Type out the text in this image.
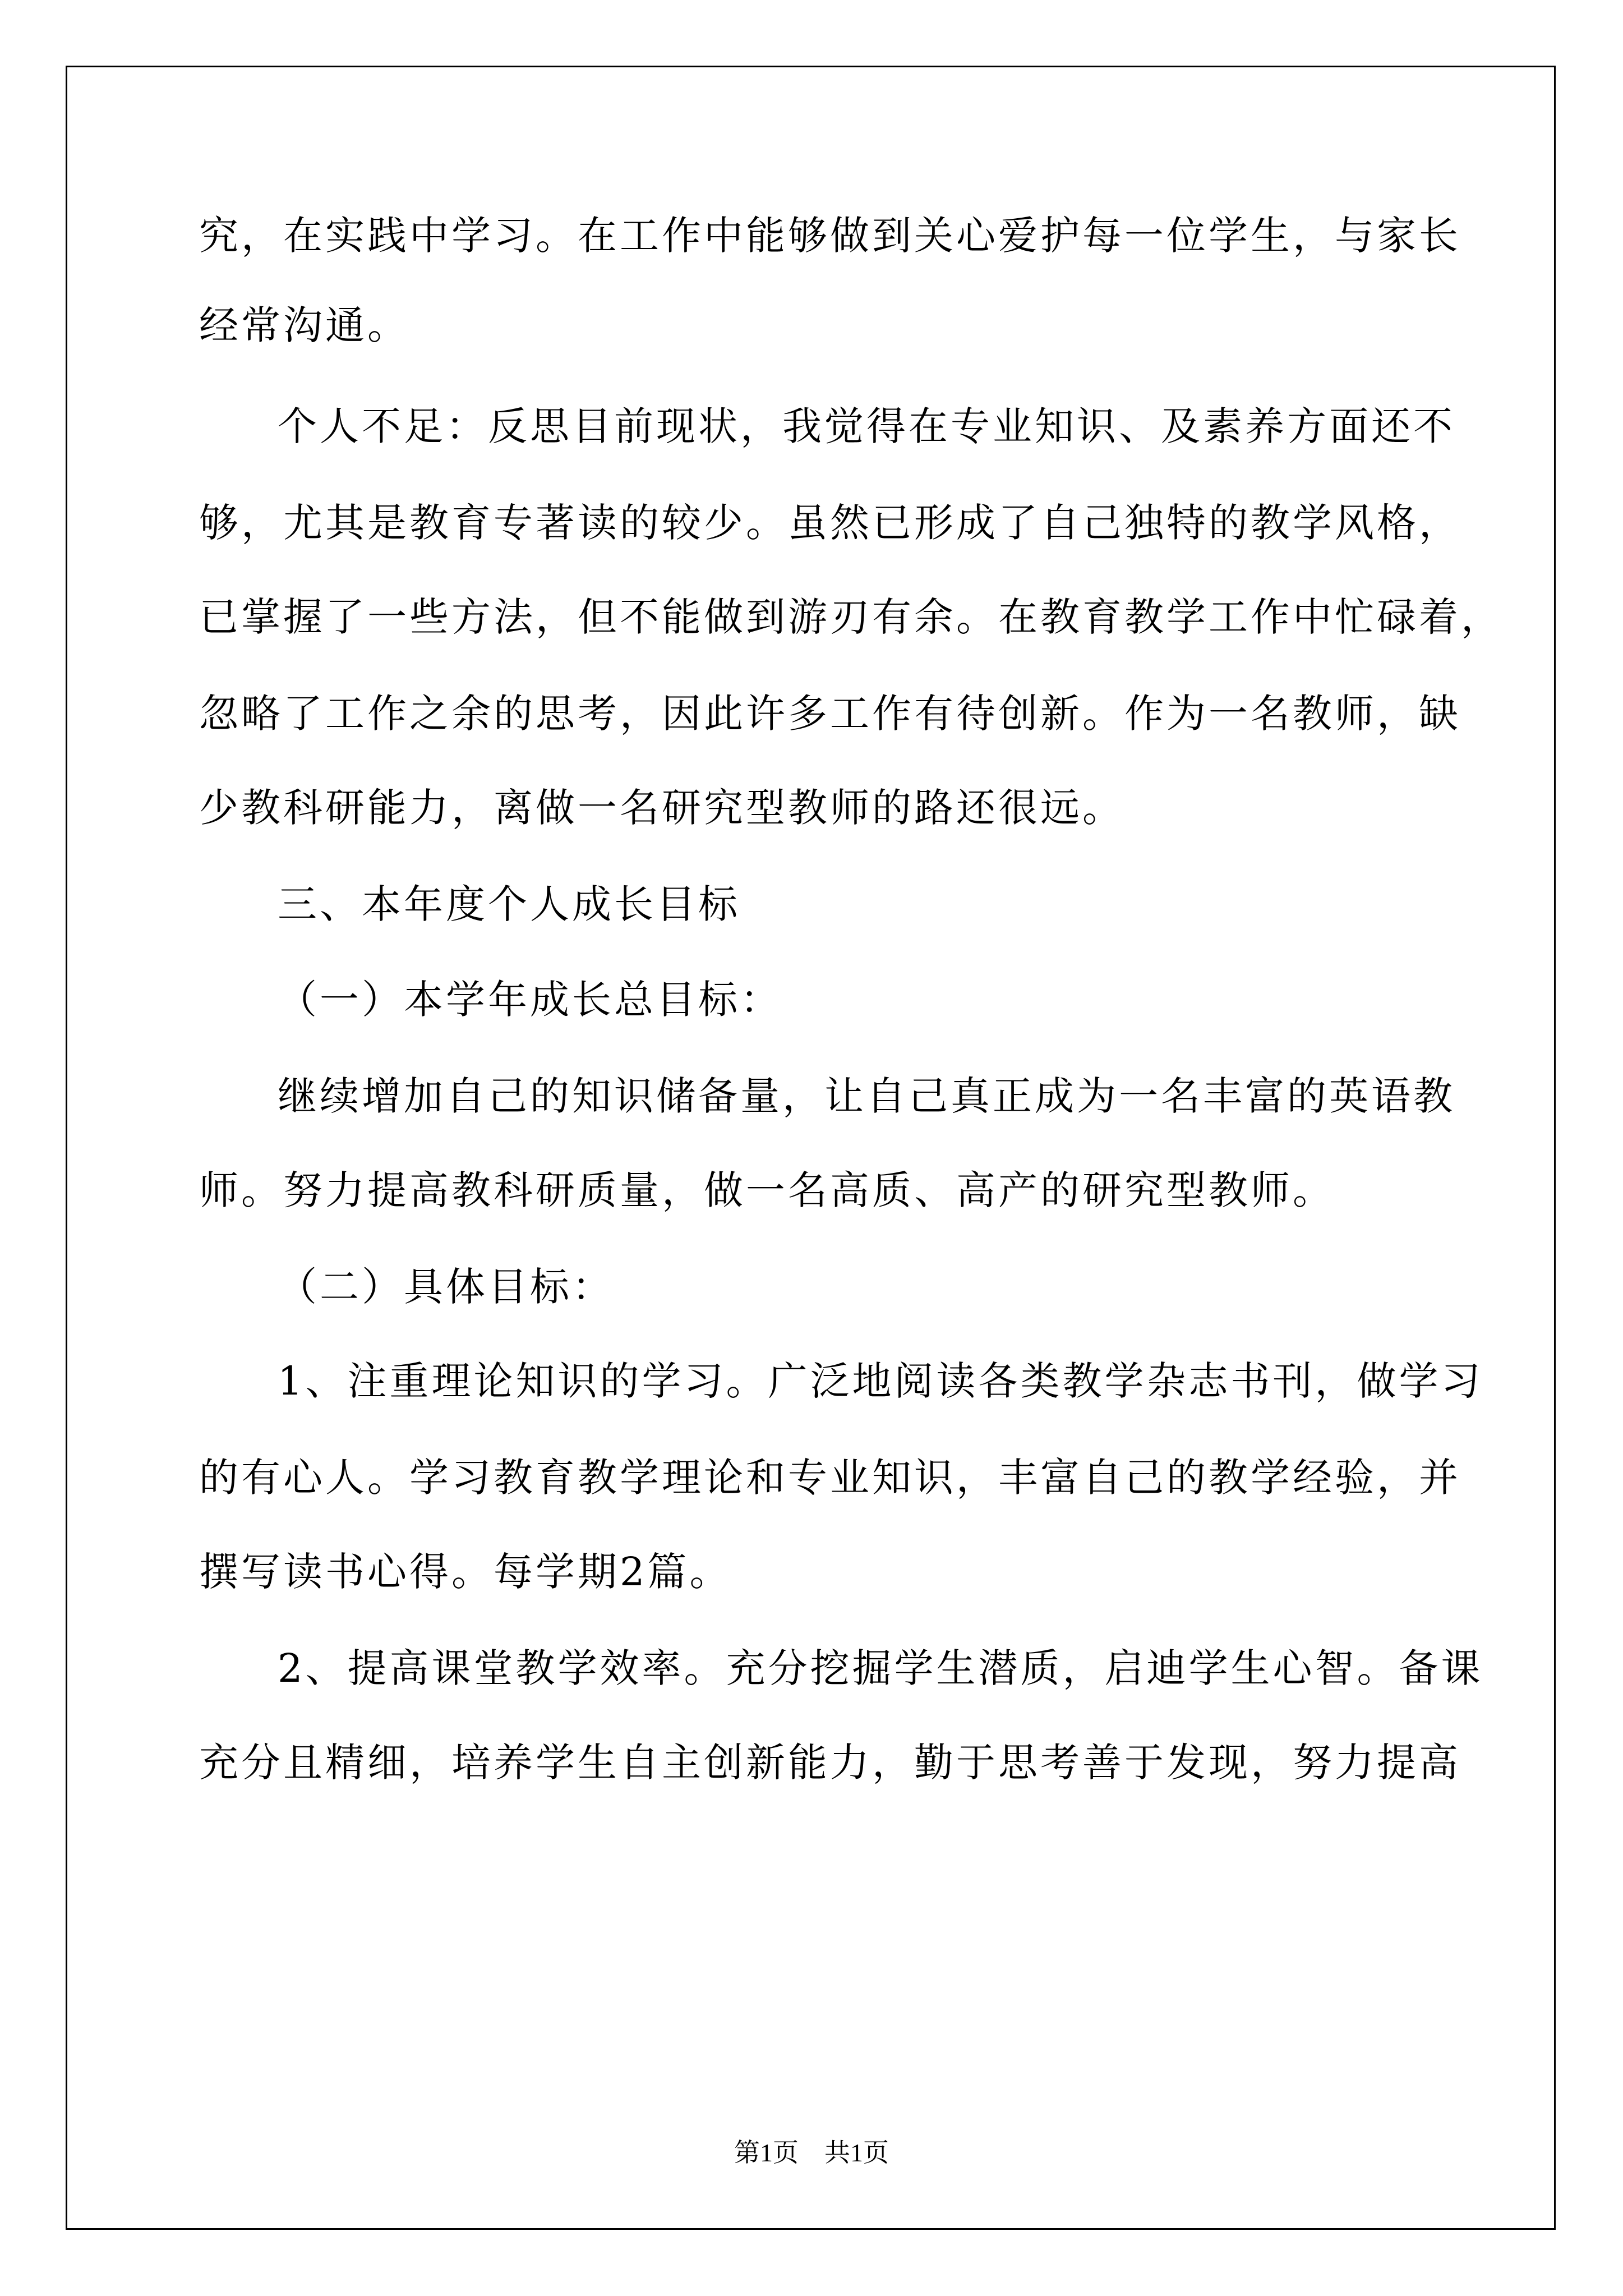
究，在实践中学习。在工作中能够做到关心爱护每一位学生，与家长
经常沟通。
个人不足：反思目前现状，我觉得在专业知识、及素养方面还不
够，尤其是教育专著读的较少。虽然已形成了自己独特的教学风格，
已掌握了一些方法，但不能做到游刃有余。在教育教学工作中忙碌着，
忽略了工作之余的思考，因此许多工作有待创新。作为一名教师，缺
少教科研能力，离做一名研究型教师的路还很远。
三、本年度个人成长目标
（一）本学年成长总目标：
继续增加自己的知识储备量，让自己真正成为一名丰富的英语教
师。努力提高教科研质量，做一名高质、高产的研究型教师。
（二）具体目标：
1、注重理论知识的学习。广泛地阅读各类教学杂志书刊，做学习
的有心人。学习教育教学理论和专业知识，丰富自己的教学经验，并
撰写读书心得。每学期2篇。
2、提高课堂教学效率。充分挖掘学生潜质，启迪学生心智。备课
充分且精细，培养学生自主创新能力，勤于思考善于发现，努力提高
第1页　共1页
